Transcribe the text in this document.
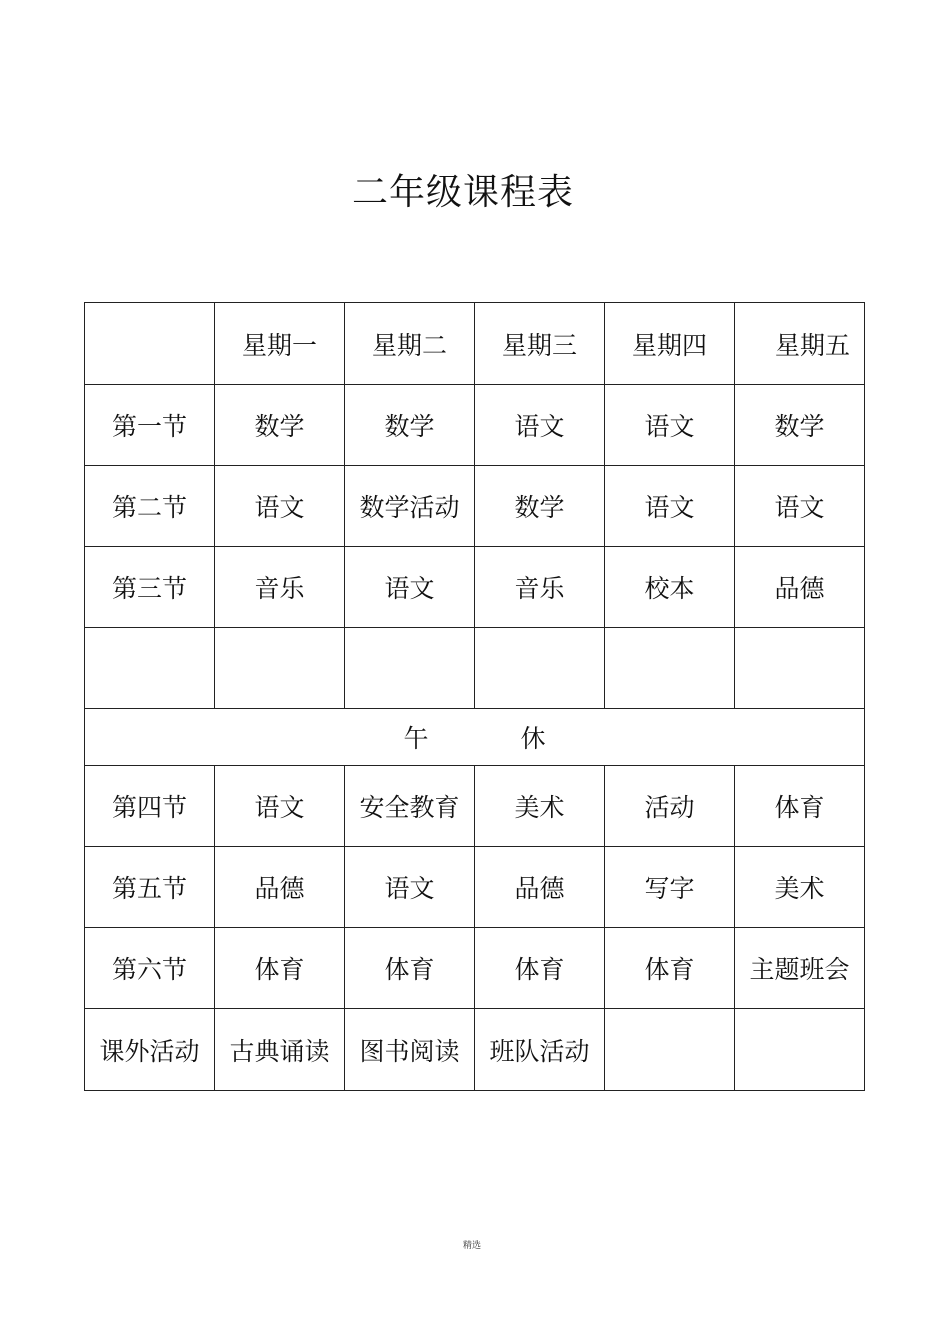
二年级课程表
	星期一	星期二	星期三	星期四	星期五
第一节	数学	数学	语文	语文	数学
第二节	语文	数学活动	数学	语文	语文
第三节	音乐	语文	音乐	校本	品德

午 休					
第四节	语文	安全教育	美术	活动	体育
第五节	品德	语文	品德	写字	美术
第六节	体育	体育	体育	体育	主题班会
课外活动	古典诵读	图书阅读	班队活动		
精选
